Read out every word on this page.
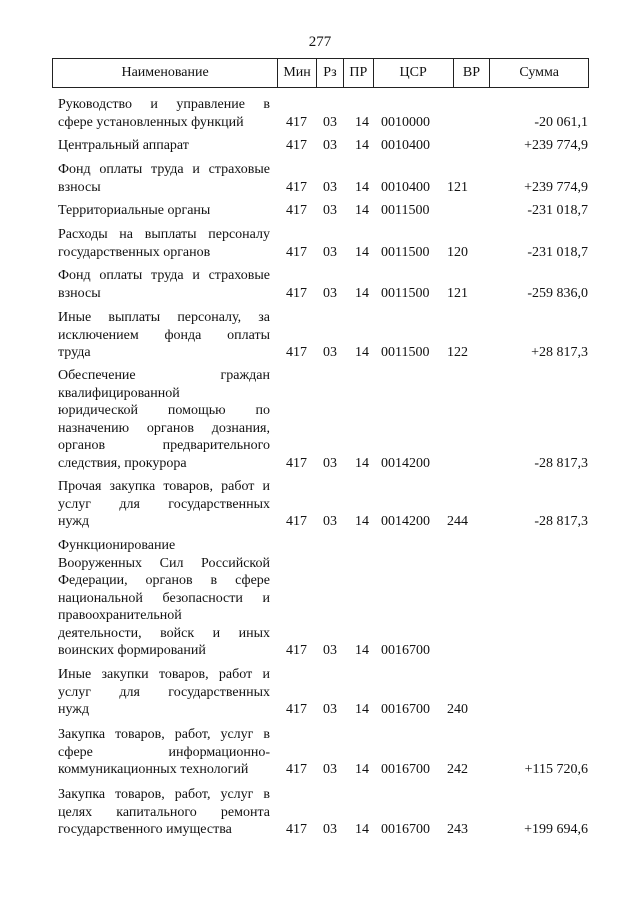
277
Наименование	Мин Рз ПР	ЦСР	ВР	Сумма
Руководство и управление в
сфере установленных функций	417 03 14 0010000	-20 061,1
Центральный аппарат	417 03 14 0010400	+239 774,9
Фонд оплаты труда и страховые
взносы	417 03 14 0010400 121	+239 774,9
Территориальные органы	417 03 14 0011500	-231 018,7
Расходы на выплаты персоналу
государственных органов	417 03 14 0011500 120	-231 018,7
Фонд оплаты труда и страховые
взносы	417 03 14 0011500 121	-259 836,0
Иные выплаты персоналу, за
исключением фонда оплаты
труда	417 03 14 0011500 122	+28 817,3
Обеспечение граждан
квалифицированной
юридической помощью по
назначению органов дознания,
органов предварительного
следствия, прокурора	417 03 14 0014200	-28 817,3
Прочая закупка товаров, работ и
услуг для государственных
нужд	417 03 14 0014200 244	-28 817,3
Функционирование
Вооруженных Сил Российской
Федерации, органов в сфере
национальной безопасности и
правоохранительной
деятельности, войск и иных
воинских формирований	417 03 14 0016700
Иные закупки товаров, работ и
услуг для государственных
нужд	417 03 14 0016700 240
Закупка товаров, работ, услуг в
сфере информационно-
коммуникационных технологий	417 03 14 0016700 242	+115 720,6
Закупка товаров, работ, услуг в
целях капитального ремонта
государственного имущества	417 03 14 0016700 243	+199 694,6
